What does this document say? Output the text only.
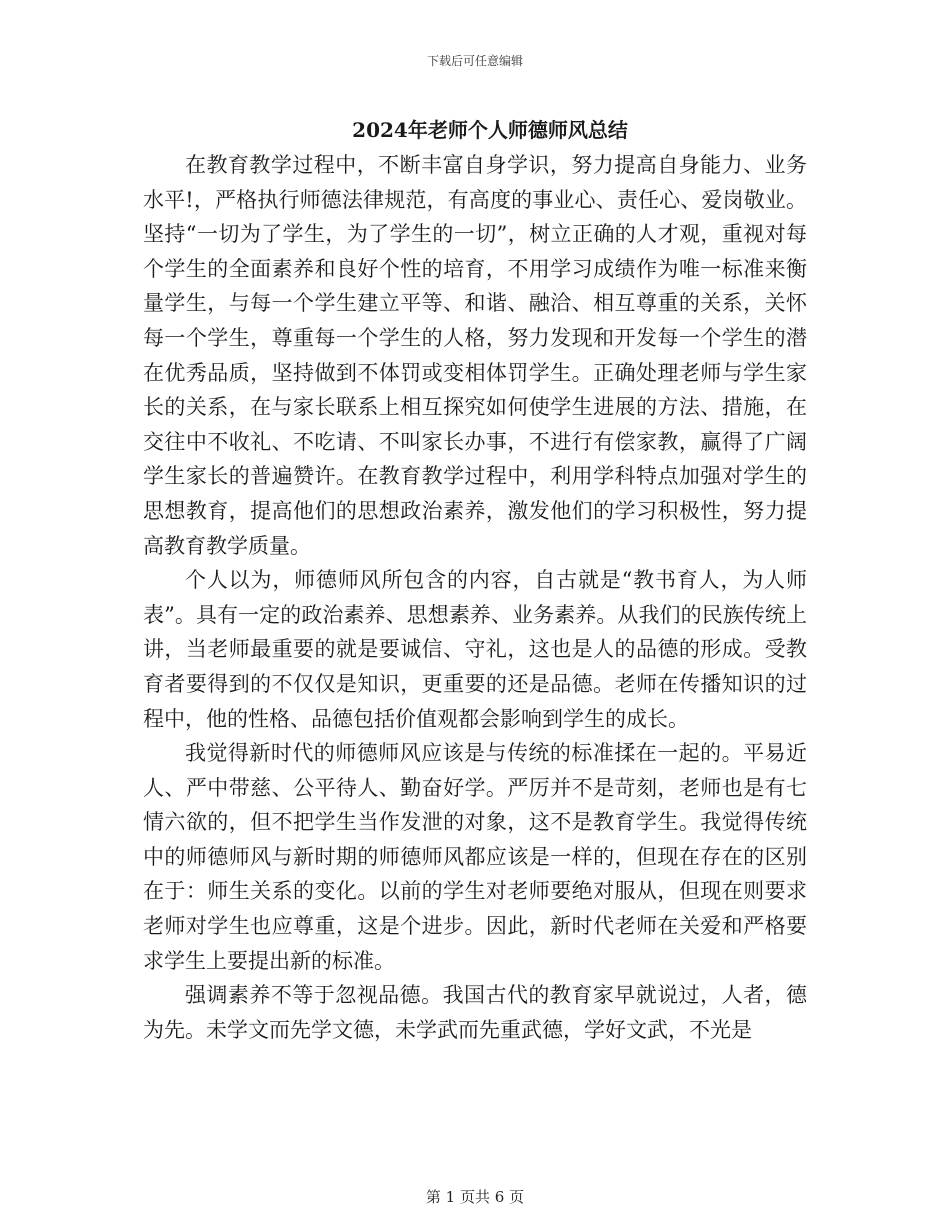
下载后可任意编辑
2024年老师个人师德师风总结

在教育教学过程中，不断丰富自身学识，努力提高自身能力、业务水平!，严格执行师德法律规范，有高度的事业心、责任心、爱岗敬业。坚持“一切为了学生，为了学生的一切”，树立正确的人才观，重视对每个学生的全面素养和良好个性的培育，不用学习成绩作为唯一标准来衡量学生，与每一个学生建立平等、和谐、融洽、相互尊重的关系，关怀每一个学生，尊重每一个学生的人格，努力发现和开发每一个学生的潜在优秀品质，坚持做到不体罚或变相体罚学生。正确处理老师与学生家长的关系，在与家长联系上相互探究如何使学生进展的方法、措施，在交往中不收礼、不吃请、不叫家长办事，不进行有偿家教，赢得了广阔学生家长的普遍赞许。在教育教学过程中，利用学科特点加强对学生的思想教育，提高他们的思想政治素养，激发他们的学习积极性，努力提高教育教学质量。

个人以为，师德师风所包含的内容，自古就是“教书育人，为人师表”。具有一定的政治素养、思想素养、业务素养。从我们的民族传统上讲，当老师最重要的就是要诚信、守礼，这也是人的品德的形成。受教育者要得到的不仅仅是知识，更重要的还是品德。老师在传播知识的过程中，他的性格、品德包括价值观都会影响到学生的成长。

我觉得新时代的师德师风应该是与传统的标准揉在一起的。平易近人、严中带慈、公平待人、勤奋好学。严厉并不是苛刻，老师也是有七情六欲的，但不把学生当作发泄的对象，这不是教育学生。我觉得传统中的师德师风与新时期的师德师风都应该是一样的，但现在存在的区别在于：师生关系的变化。以前的学生对老师要绝对服从，但现在则要求老师对学生也应尊重，这是个进步。因此，新时代老师在关爱和严格要求学生上要提出新的标准。

强调素养不等于忽视品德。我国古代的教育家早就说过，人者，德为先。未学文而先学文德，未学武而先重武德，学好文武，不光是

第 1 页共 6 页
